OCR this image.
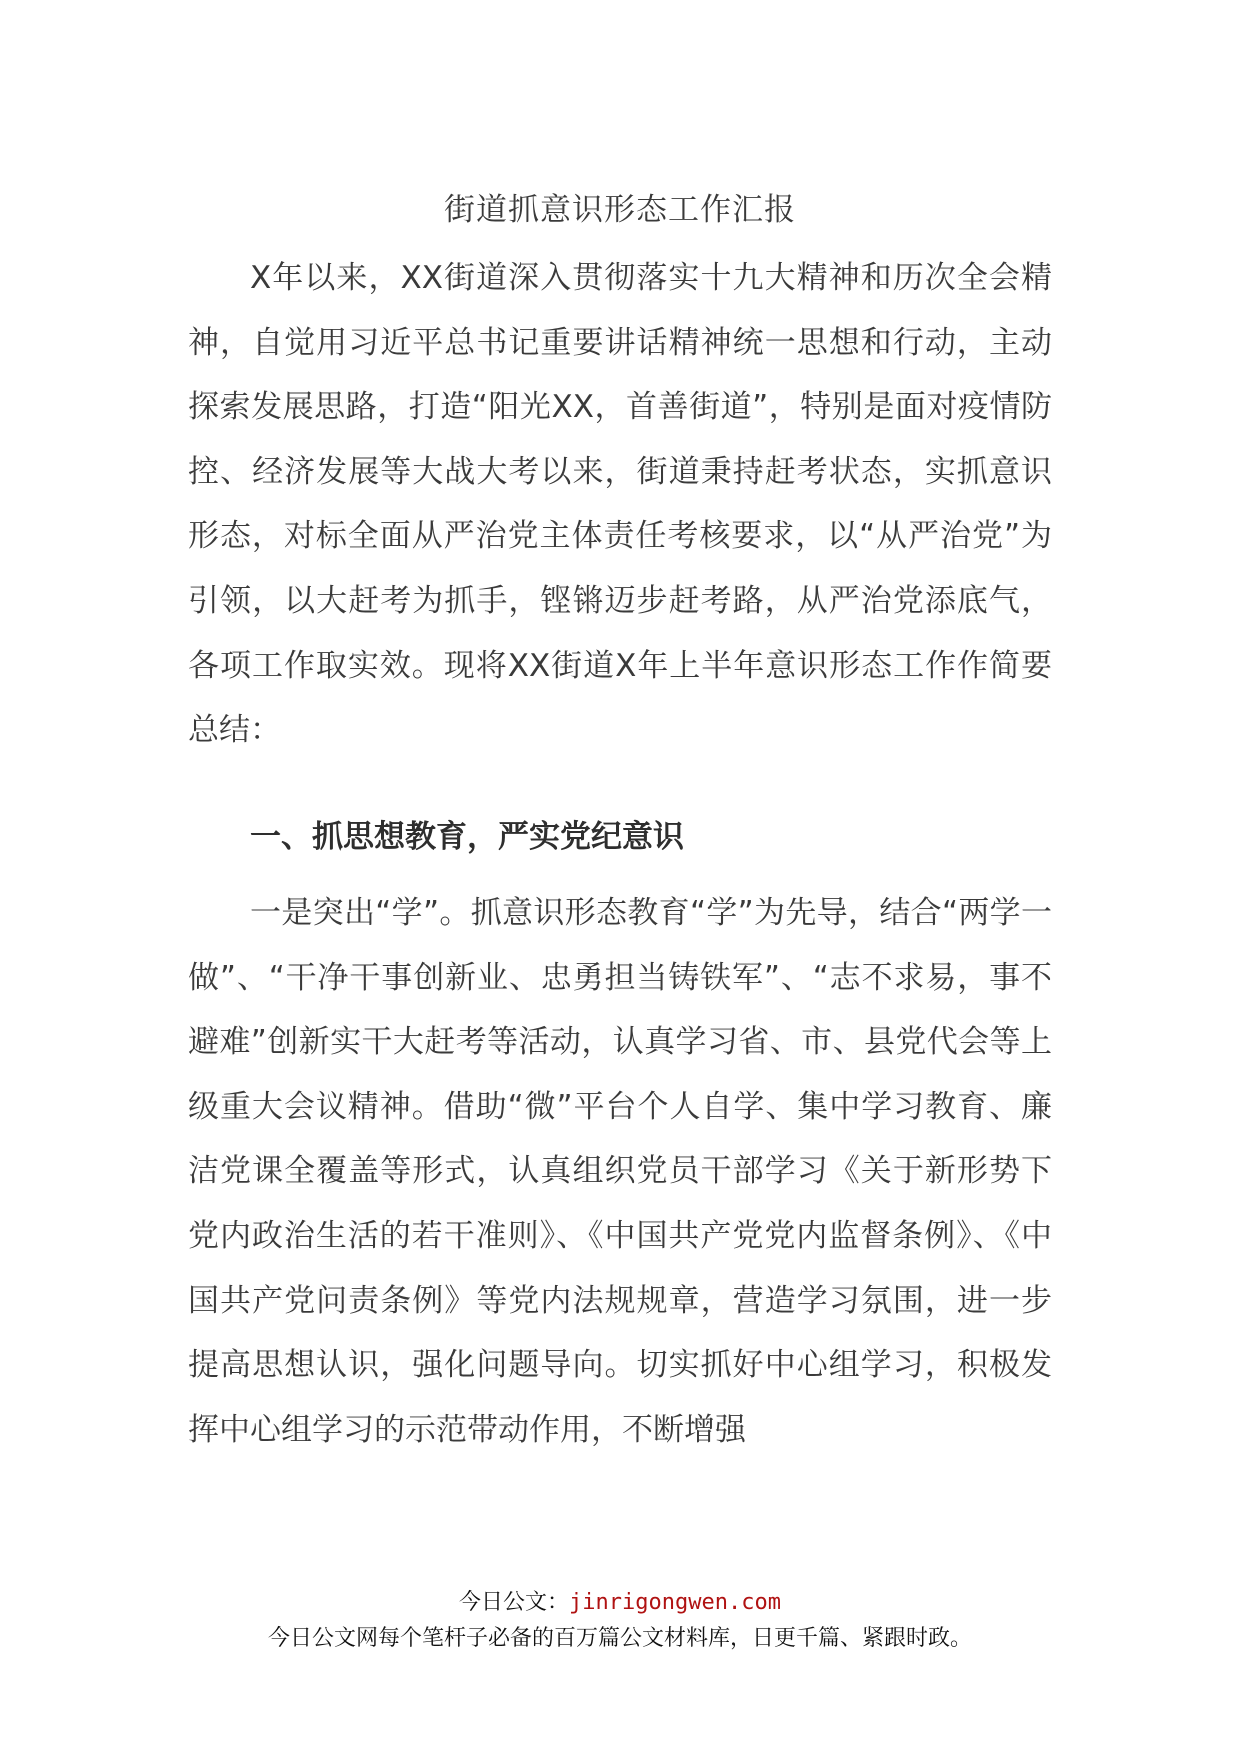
街道抓意识形态工作汇报

X年以来，XX街道深入贯彻落实十九大精神和历次全会精神，自觉用习近平总书记重要讲话精神统一思想和行动，主动探索发展思路，打造“阳光XX，首善街道”，特别是面对疫情防控、经济发展等大战大考以来，街道秉持赶考状态，实抓意识形态，对标全面从严治党主体责任考核要求，以“从严治党”为引领，以大赶考为抓手，铿锵迈步赶考路，从严治党添底气，各项工作取实效。现将XX街道X年上半年意识形态工作作简要总结：

一、抓思想教育，严实党纪意识

一是突出“学”。抓意识形态教育“学”为先导，结合“两学一做”、“干净干事创新业、忠勇担当铸铁军”、“志不求易，事不避难”创新实干大赶考等活动，认真学习省、市、县党代会等上级重大会议精神。借助“微”平台个人自学、集中学习教育、廉洁党课全覆盖等形式，认真组织党员干部学习《关于新形势下党内政治生活的若干准则》、《中国共产党党内监督条例》、《中国共产党问责条例》等党内法规规章，营造学习氛围，进一步提高思想认识，强化问题导向。切实抓好中心组学习，积极发挥中心组学习的示范带动作用，不断增强

今日公文：jinrigongwen.com
今日公文网每个笔杆子必备的百万篇公文材料库，日更千篇、紧跟时政。
